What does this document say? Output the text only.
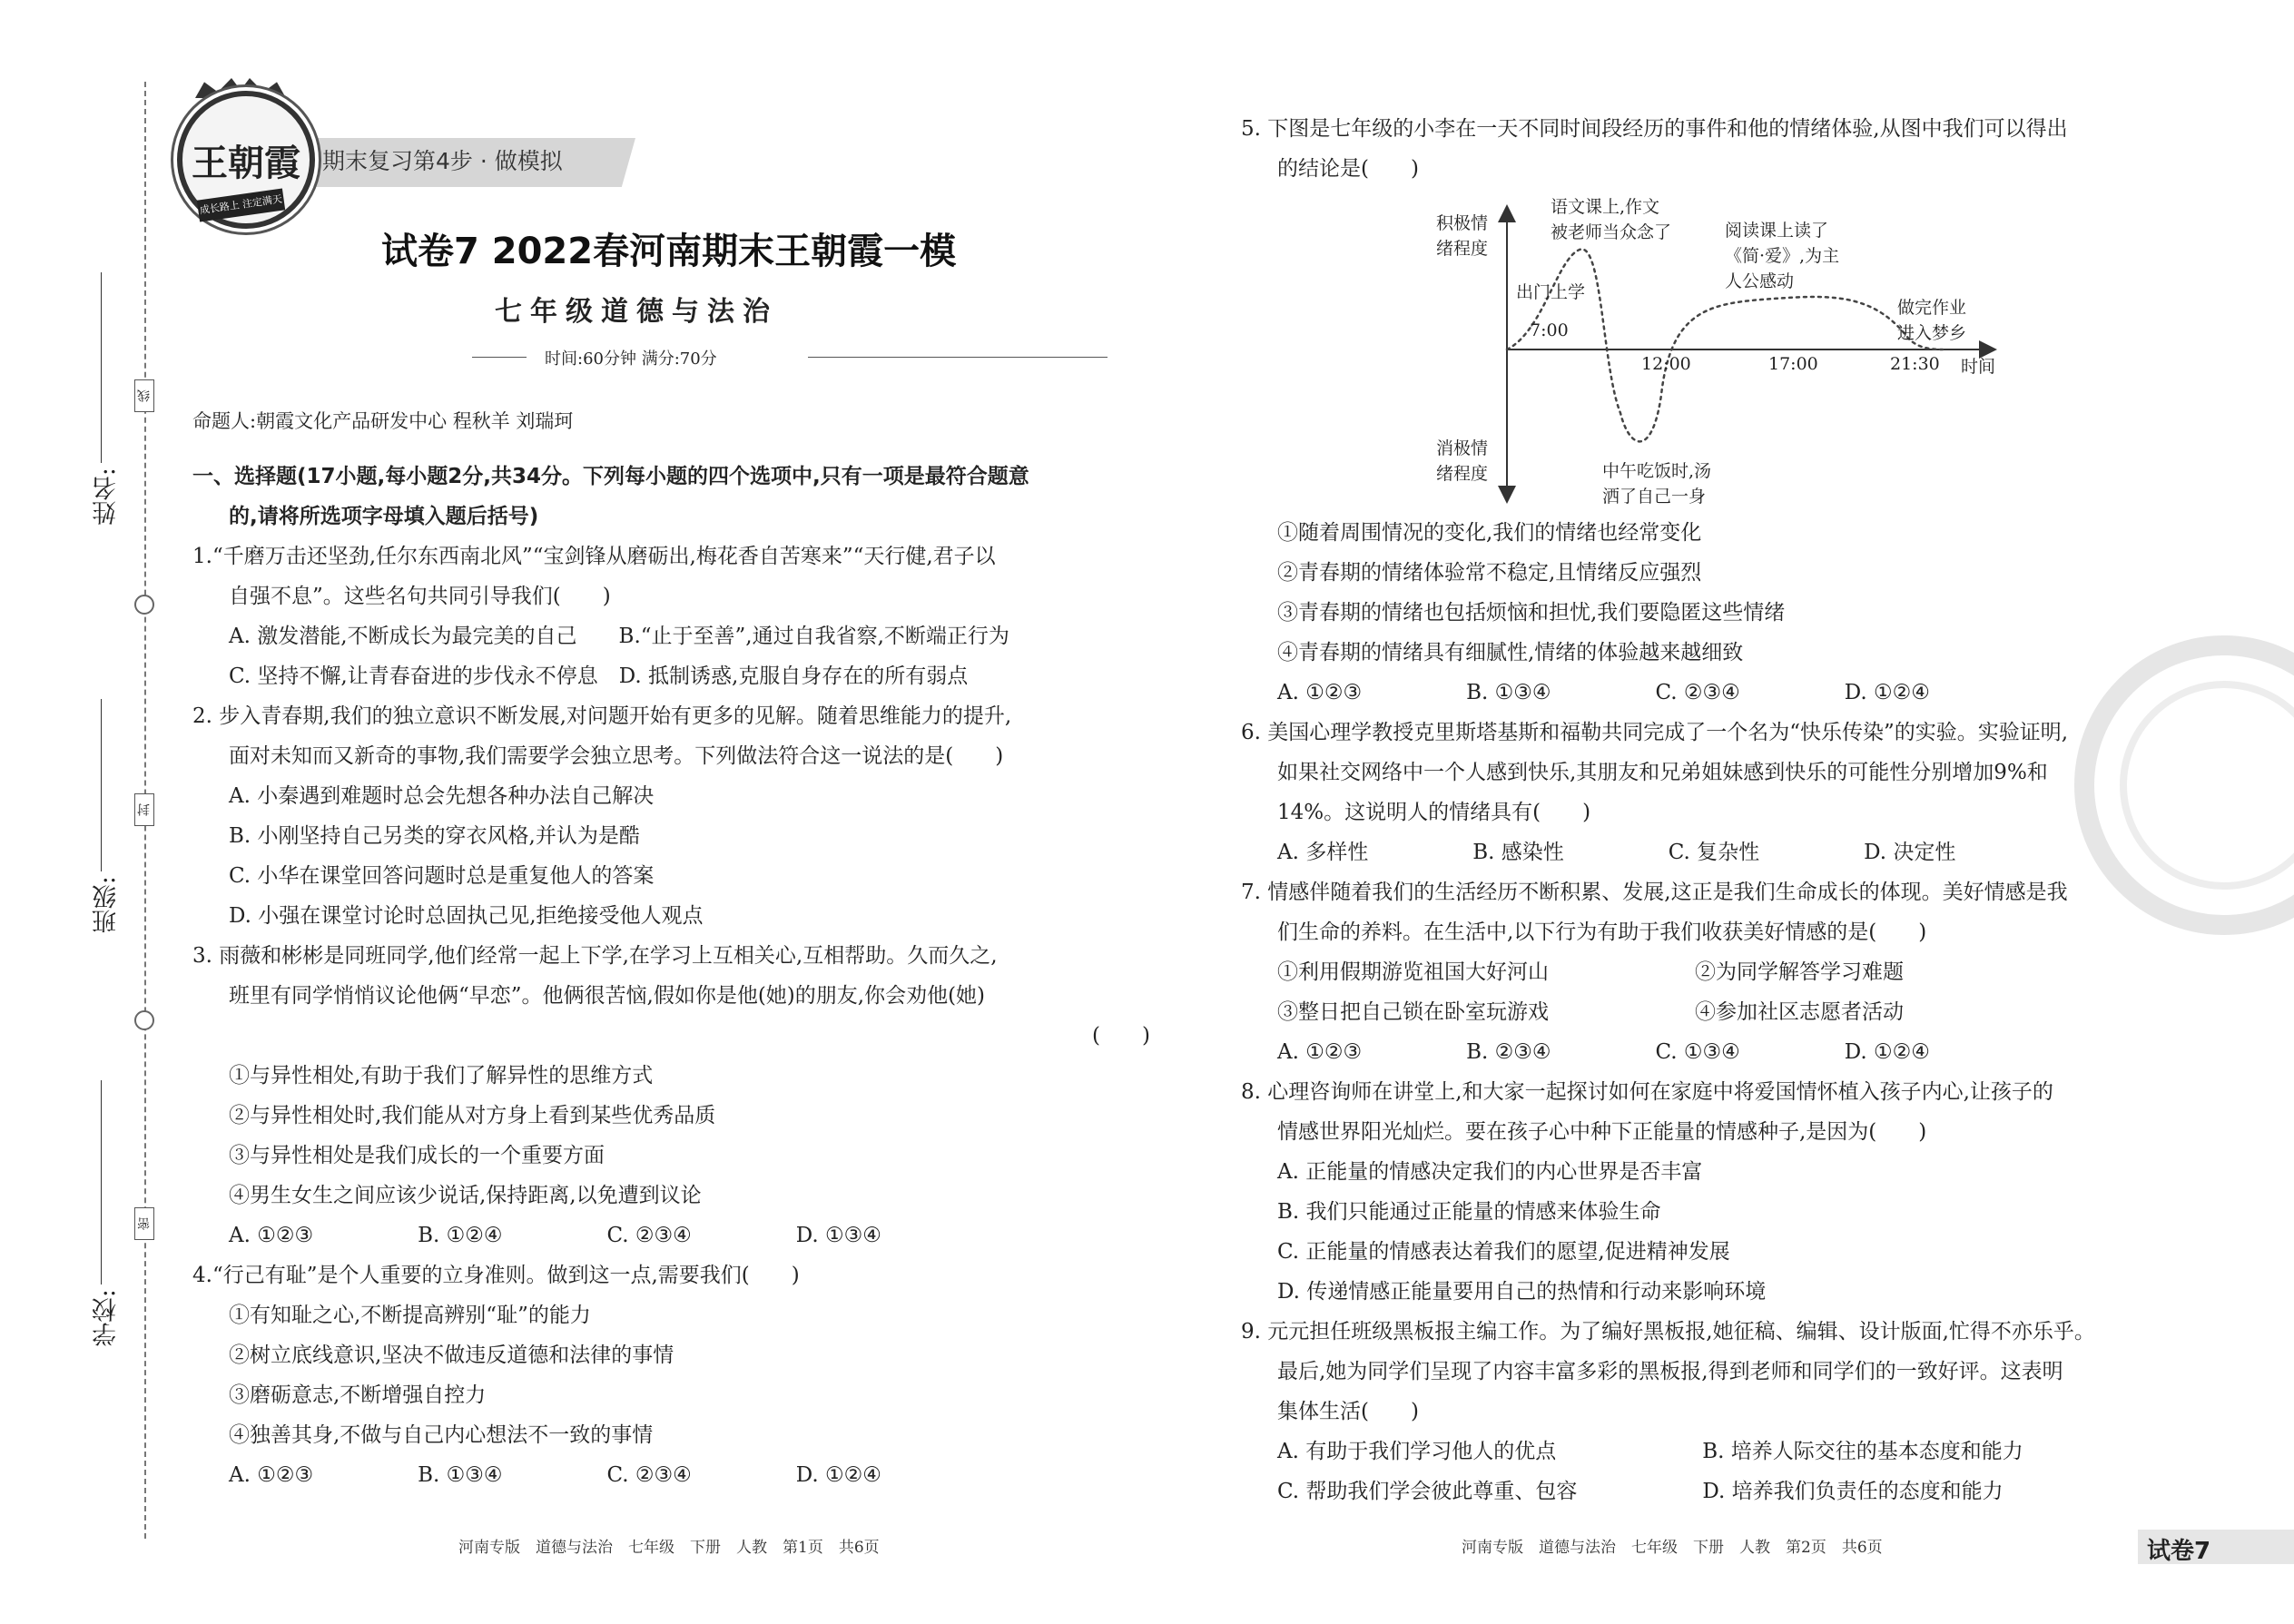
姓名:
班级:
学校:
线
封
密
王朝霞
成长路上 注定满天
期末复习第4步 · 做模拟
试卷7 2022春河南期末王朝霞一模
七年级道德与法治
时间:60分钟 满分:70分
命题人:朝霞文化产品研发中心 程秋羊 刘瑞珂
一、选择题(17小题,每小题2分,共34分。下列每小题的四个选项中,只有一项是最符合题意
的,请将所选项字母填入题后括号)
1.“千磨万击还坚劲,任尔东西南北风”“宝剑锋从磨砺出,梅花香自苦寒来”“天行健,君子以
自强不息”。这些名句共同引导我们(　　)
A. 激发潜能,不断成长为最完美的自己　　B.“止于至善”,通过自我省察,不断端正行为
C. 坚持不懈,让青春奋进的步伐永不停息　D. 抵制诱惑,克服自身存在的所有弱点
2. 步入青春期,我们的独立意识不断发展,对问题开始有更多的见解。随着思维能力的提升,
面对未知而又新奇的事物,我们需要学会独立思考。下列做法符合这一说法的是(　　)
A. 小秦遇到难题时总会先想各种办法自己解决
B. 小刚坚持自己另类的穿衣风格,并认为是酷
C. 小华在课堂回答问题时总是重复他人的答案
D. 小强在课堂讨论时总固执己见,拒绝接受他人观点
3. 雨薇和彬彬是同班同学,他们经常一起上下学,在学习上互相关心,互相帮助。久而久之,
班里有同学悄悄议论他俩“早恋”。他俩很苦恼,假如你是他(她)的朋友,你会劝他(她)
(　　)
①与异性相处,有助于我们了解异性的思维方式
②与异性相处时,我们能从对方身上看到某些优秀品质
③与异性相处是我们成长的一个重要方面
④男生女生之间应该少说话,保持距离,以免遭到议论
A. ①②③　　　　　B. ①②④　　　　　C. ②③④　　　　　D. ①③④
4.“行己有耻”是个人重要的立身准则。做到这一点,需要我们(　　)
①有知耻之心,不断提高辨别“耻”的能力
②树立底线意识,坚决不做违反道德和法律的事情
③磨砺意志,不断增强自控力
④独善其身,不做与自己内心想法不一致的事情
A. ①②③　　　　　B. ①③④　　　　　C. ②③④　　　　　D. ①②④
5. 下图是七年级的小李在一天不同时间段经历的事件和他的情绪体验,从图中我们可以得出
的结论是(　　)
积极情
绪程度
消极情
绪程度
时间
7:00
12:00	17:00	21:30
出门上学
语文课上,作文
被老师当众念了
中午吃饭时,汤
洒了自己一身
阅读课上读了
《简·爱》,为主
人公感动
做完作业
进入梦乡
①随着周围情况的变化,我们的情绪也经常变化
②青春期的情绪体验常不稳定,且情绪反应强烈
③青春期的情绪也包括烦恼和担忧,我们要隐匿这些情绪
④青春期的情绪具有细腻性,情绪的体验越来越细致
A. ①②③　　　　　B. ①③④　　　　　C. ②③④　　　　　D. ①②④
6. 美国心理学教授克里斯塔基斯和福勒共同完成了一个名为“快乐传染”的实验。实验证明,
如果社交网络中一个人感到快乐,其朋友和兄弟姐妹感到快乐的可能性分别增加9%和
14%。这说明人的情绪具有(　　)
A. 多样性　　　　　B. 感染性　　　　　C. 复杂性　　　　　D. 决定性
7. 情感伴随着我们的生活经历不断积累、发展,这正是我们生命成长的体现。美好情感是我
们生命的养料。在生活中,以下行为有助于我们收获美好情感的是(　　)
①利用假期游览祖国大好河山　　　　　　　②为同学解答学习难题
③整日把自己锁在卧室玩游戏　　　　　　　④参加社区志愿者活动
A. ①②③　　　　　B. ②③④　　　　　C. ①③④　　　　　D. ①②④
8. 心理咨询师在讲堂上,和大家一起探讨如何在家庭中将爱国情怀植入孩子内心,让孩子的
情感世界阳光灿烂。要在孩子心中种下正能量的情感种子,是因为(　　)
A. 正能量的情感决定我们的内心世界是否丰富
B. 我们只能通过正能量的情感来体验生命
C. 正能量的情感表达着我们的愿望,促进精神发展
D. 传递情感正能量要用自己的热情和行动来影响环境
9. 元元担任班级黑板报主编工作。为了编好黑板报,她征稿、编辑、设计版面,忙得不亦乐乎。
最后,她为同学们呈现了内容丰富多彩的黑板报,得到老师和同学们的一致好评。这表明
集体生活(　　)
A. 有助于我们学习他人的优点　　　　　　　B. 培养人际交往的基本态度和能力
C. 帮助我们学会彼此尊重、包容　　　　　　D. 培养我们负责任的态度和能力
河南专版　道德与法治　七年级　下册　人教　第1页　共6页	河南专版　道德与法治　七年级　下册　人教　第2页　共6页	试卷7
